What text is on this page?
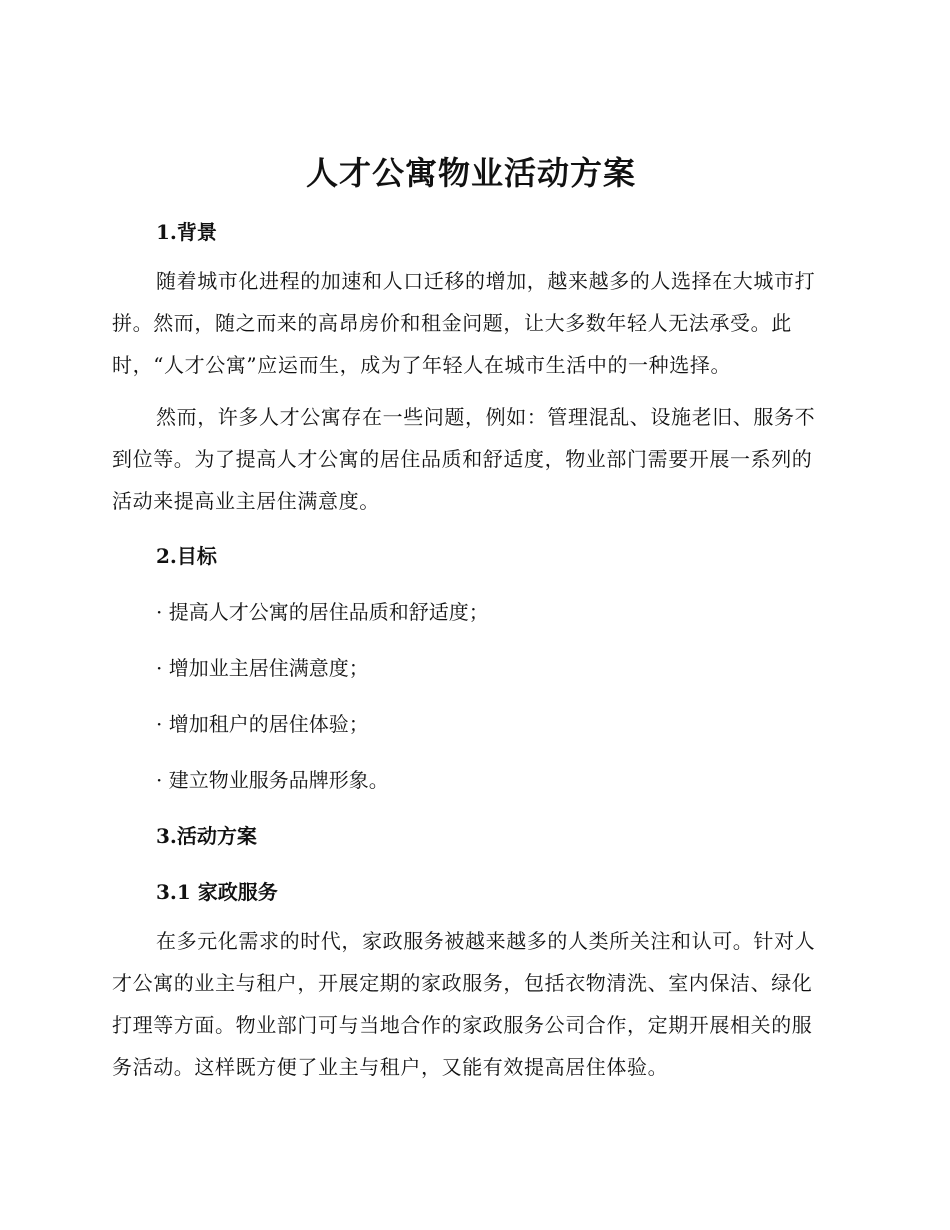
人才公寓物业活动方案
1.背景

随着城市化进程的加速和人口迁移的增加，越来越多的人选择在大城市打拼。然而，随之而来的高昂房价和租金问题，让大多数年轻人无法承受。此时，“人才公寓”应运而生，成为了年轻人在城市生活中的一种选择。

然而，许多人才公寓存在一些问题，例如：管理混乱、设施老旧、服务不到位等。为了提高人才公寓的居住品质和舒适度，物业部门需要开展一系列的活动来提高业主居住满意度。

2.目标

· 提高人才公寓的居住品质和舒适度；

· 增加业主居住满意度；

· 增加租户的居住体验；

· 建立物业服务品牌形象。

3.活动方案
3.1 家政服务

在多元化需求的时代，家政服务被越来越多的人类所关注和认可。针对人才公寓的业主与租户，开展定期的家政服务，包括衣物清洗、室内保洁、绿化打理等方面。物业部门可与当地合作的家政服务公司合作，定期开展相关的服务活动。这样既方便了业主与租户，又能有效提高居住体验。
